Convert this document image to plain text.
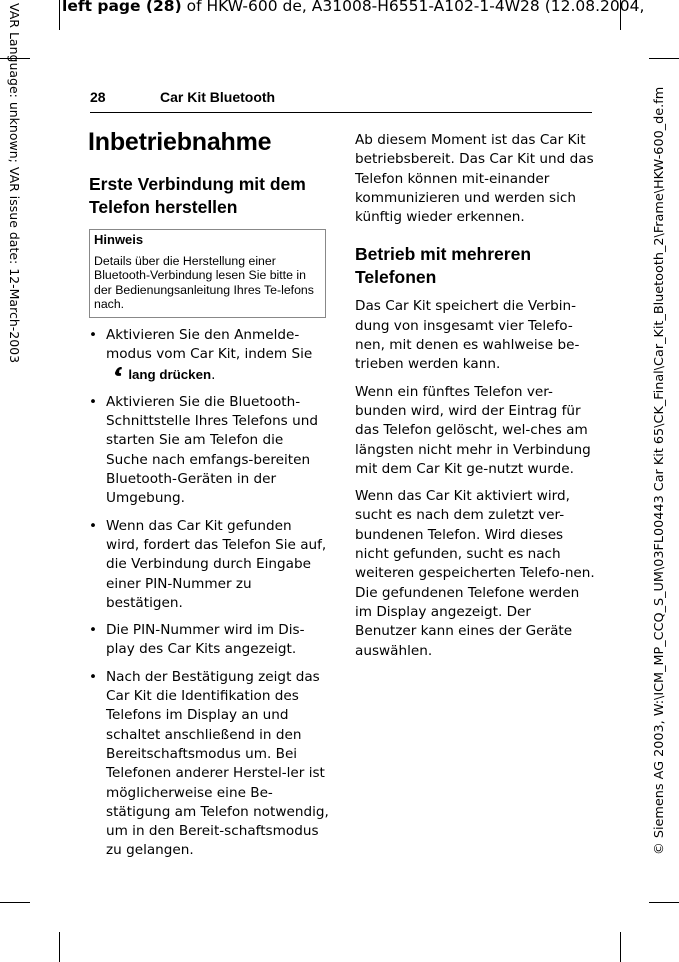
left page (28) of HKW-600 de, A31008-H6551-A102-1-4W28 (12.08.2004,
VAR Language: unknown; VAR issue date: 12-March-2003	© Siemens AG 2003, W:\ICM_MP_CCQ_S_UM\03FL00443 Car Kit 65\CK_Final\Car_Kit_Bluetooth_2\Frame\HKW-600_de.fm
28	Car Kit Bluetooth
Inbetriebnahme
Erste Verbindung mit dem Telefon herstellen
Hinweis
Details über die Herstellung einer Bluetooth-Verbindung lesen Sie bitte in der Bedienungsanleitung Ihres Te-lefons nach.
• Aktivieren Sie den Anmelde-modus vom Car Kit, indem Sie
lang drücken.
• Aktivieren Sie die Bluetooth-Schnittstelle Ihres Telefons und starten Sie am Telefon die Suche nach emfangs-bereiten Bluetooth-Geräten in der Umgebung.
• Wenn das Car Kit gefunden wird, fordert das Telefon Sie auf, die Verbindung durch Eingabe einer PIN-Nummer zu bestätigen.
• Die PIN-Nummer wird im Dis-play des Car Kits angezeigt.
• Nach der Bestätigung zeigt das Car Kit die Identifikation des Telefons im Display an und schaltet anschließend in den Bereitschaftsmodus um. Bei Telefonen anderer Herstel-ler ist möglicherweise eine Be-stätigung am Telefon notwendig, um in den Bereit-schaftsmodus zu gelangen.

Ab diesem Moment ist das Car Kit betriebsbereit. Das Car Kit und das Telefon können mit-einander kommunizieren und werden sich künftig wieder erkennen.

Betrieb mit mehreren Telefonen

Das Car Kit speichert die Verbin-dung von insgesamt vier Telefo-nen, mit denen es wahlweise be-trieben werden kann.

Wenn ein fünftes Telefon ver-bunden wird, wird der Eintrag für das Telefon gelöscht, wel-ches am längsten nicht mehr in Verbindung mit dem Car Kit ge-nutzt wurde.

Wenn das Car Kit aktiviert wird, sucht es nach dem zuletzt ver-bundenen Telefon. Wird dieses nicht gefunden, sucht es nach weiteren gespeicherten Telefo-nen. Die gefundenen Telefone werden im Display angezeigt. Der Benutzer kann eines der Geräte auswählen.
